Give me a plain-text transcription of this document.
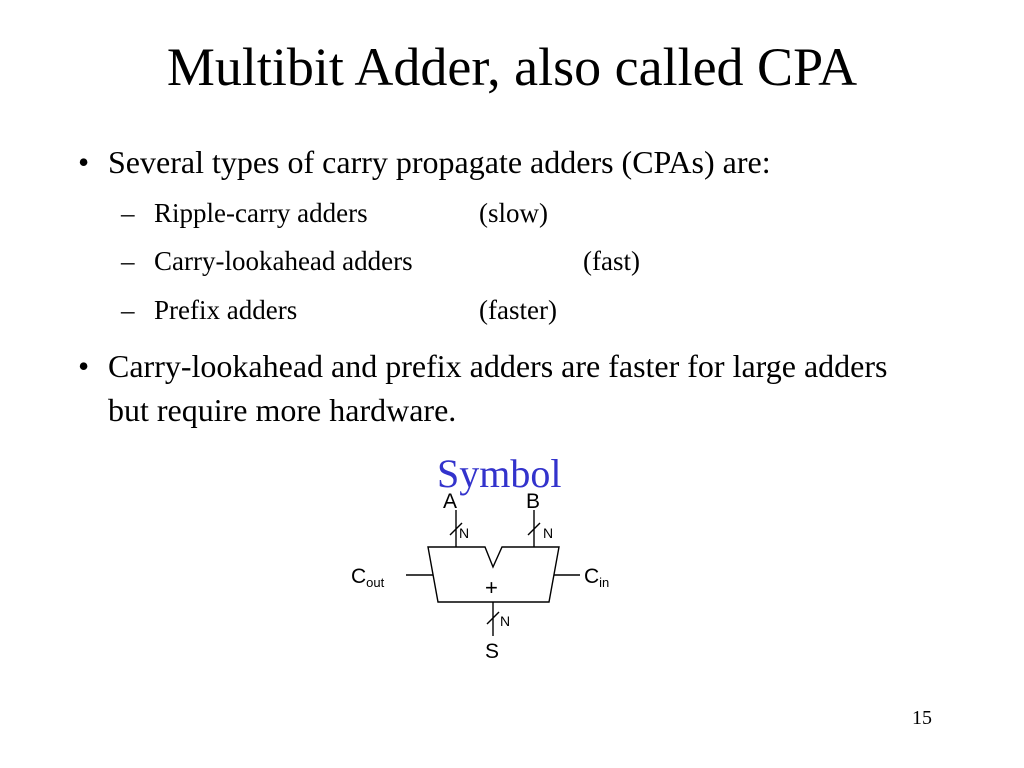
Multibit Adder, also called CPA
• Several types of carry propagate adders (CPAs) are:
– Ripple-carry adders	(slow)
– Carry-lookahead adders	(fast)
– Prefix adders	(faster)
• Carry-lookahead and prefix adders are faster for large adders but require more hardware.
Symbol
A	B
N	N
Cout	Cin
+
N
S
15
